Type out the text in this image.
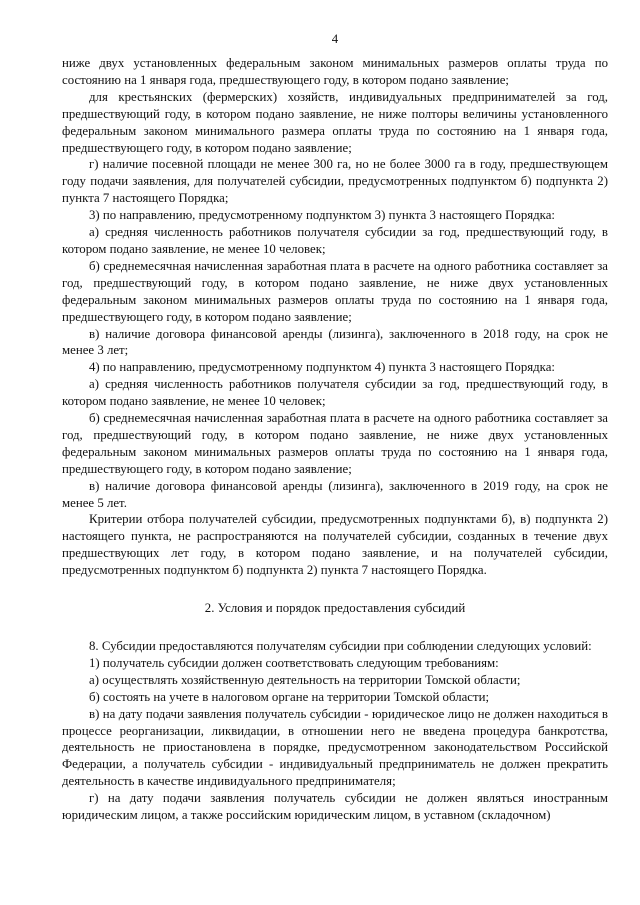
4

ниже двух установленных федеральным законом минимальных размеров оплаты труда по состоянию на 1 января года, предшествующего году, в котором подано заявление;

для крестьянских (фермерских) хозяйств, индивидуальных предпринимателей за год, предшествующий году, в котором подано заявление, не ниже полторы величины установленного федеральным законом минимального размера оплаты труда по состоянию на 1 января года, предшествующего году, в котором подано заявление;

г) наличие посевной площади не менее 300 га, но не более 3000 га в году, предшествующем году подачи заявления, для получателей субсидии, предусмотренных подпунктом б) подпункта 2) пункта 7 настоящего Порядка;

3) по направлению, предусмотренному подпунктом 3) пункта 3 настоящего Порядка:

а) средняя численность работников получателя субсидии за год, предшествующий году, в котором подано заявление, не менее 10 человек;

б) среднемесячная начисленная заработная плата в расчете на одного работника составляет за год, предшествующий году, в котором подано заявление, не ниже двух установленных федеральным законом минимальных размеров оплаты труда по состоянию на 1 января года, предшествующего году, в котором подано заявление;

в) наличие договора финансовой аренды (лизинга), заключенного в 2018 году, на срок не менее 3 лет;

4) по направлению, предусмотренному подпунктом 4) пункта 3 настоящего Порядка:

а) средняя численность работников получателя субсидии за год, предшествующий году, в котором подано заявление, не менее 10 человек;

б) среднемесячная начисленная заработная плата в расчете на одного работника составляет за год, предшествующий году, в котором подано заявление, не ниже двух установленных федеральным законом минимальных размеров оплаты труда по состоянию на 1 января года, предшествующего году, в котором подано заявление;

в) наличие договора финансовой аренды (лизинга), заключенного в 2019 году, на срок не менее 5 лет.

Критерии отбора получателей субсидии, предусмотренных подпунктами б), в) подпункта 2) настоящего пункта, не распространяются на получателей субсидии, созданных в течение двух предшествующих лет году, в котором подано заявление, и на получателей субсидии, предусмотренных подпунктом б) подпункта 2) пункта 7 настоящего Порядка.

2. Условия и порядок предоставления субсидий

8. Субсидии предоставляются получателям субсидии при соблюдении следующих условий:

1) получатель субсидии должен соответствовать следующим требованиям:

а) осуществлять хозяйственную деятельность на территории Томской области;

б) состоять на учете в налоговом органе на территории Томской области;

в) на дату подачи заявления получатель субсидии - юридическое лицо не должен находиться в процессе реорганизации, ликвидации, в отношении него не введена процедура банкротства, деятельность не приостановлена в порядке, предусмотренном законодательством Российской Федерации, а получатель субсидии - индивидуальный предприниматель не должен прекратить деятельность в качестве индивидуального предпринимателя;

г) на дату подачи заявления получатель субсидии не должен являться иностранным юридическим лицом, а также российским юридическим лицом, в уставном (складочном)
